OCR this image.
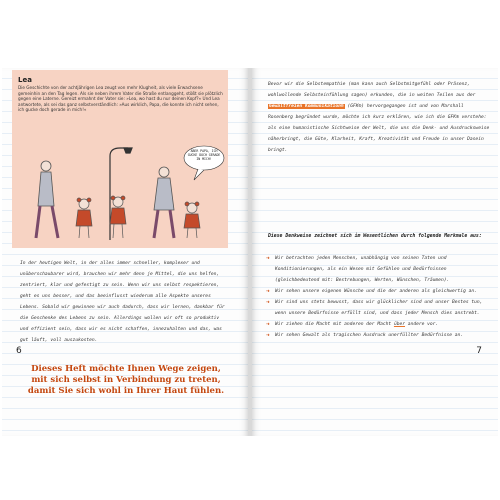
Lea
Die Geschichte von der achtjährigen Lea zeugt von mehr Klugheit, als viele Erwachsene gemeinhin an den Tag legen. Als sie neben ihrem Vater die Straße entlanggeht, stößt sie plötzlich gegen eine Laterne. Gereizt ermahnt der Vater sie: »Lea, wo hast du nur deinen Kopf?« Und Lea antwortete, als sei das ganz selbstverständlich: »Aus wirklich, Papa, die konnte ich nicht sehen, ich gucke doch gerade in mich!«
ABER PAPA, ICH GUCKE DOCH GERADE IN MICH!
In der heutigen Welt, in der alles immer schneller, komplexer und unüberschaubarer wird, brauchen wir mehr denn je Mittel, die uns helfen, zentriert, klar und gefestigt zu sein. Wenn wir uns selbst respektieren, geht es uns besser, und das beeinflusst wiederum alle Aspekte unseres Lebens. Sobald wir gewinnen wir auch dadurch, dass wir lernen, dankbar für die Geschenke des Lebens zu sein. Allerdings wollen wir oft so produktiv und effizient sein, dass wir es nicht schaffen, innezuhalten und das, was gut läuft, voll auszukosten.
Dieses Heft möchte Ihnen Wege zeigen, mit sich selbst in Verbindung zu treten, damit Sie sich wohl in Ihrer Haut fühlen.
6
Bevor wir die Selbstempathie (man kann auch Selbstmitgefühl oder Präsenz, wohlwollende Selbsteinfühlung sagen) erkunden, die in weiten Teilen aus der Gewaltfreien Kommunikation® (GFK®) hervorgegangen ist und von Marshall Rosenberg begründet wurde, möchte ich kurz erklären, wie ich die GFK® verstehe: als eine humanistische Sichtweise der Welt, die uns die Denk- und Ausdrucksweise näherbringt, die Güte, Klarheit, Kraft, Kreativität und Freude in unser Dasein bringt.
Diese Denkweise zeichnet sich im Wesentlichen durch folgende Merkmale aus:
➜ Wir betrachten jeden Menschen, unabhängig von seinen Taten und Konditionierungen, als ein Wesen mit Gefühlen und Bedürfnissen (gleichbedeutend mit: Bestrebungen, Werten, Wünschen, Träumen).
➜ Wir sehen unsere eigenen Wünsche und die der anderen als gleichwertig an.
➜ Wir sind uns stets bewusst, dass wir glücklicher sind und unser Bestes tun, wenn unsere Bedürfnisse erfüllt sind, und dass jeder Mensch dies anstrebt.
➜ Wir ziehen die Macht mit anderen der Macht über andere vor.
➜ Wir sehen Gewalt als tragischen Ausdruck unerfüllter Bedürfnisse an.
7
